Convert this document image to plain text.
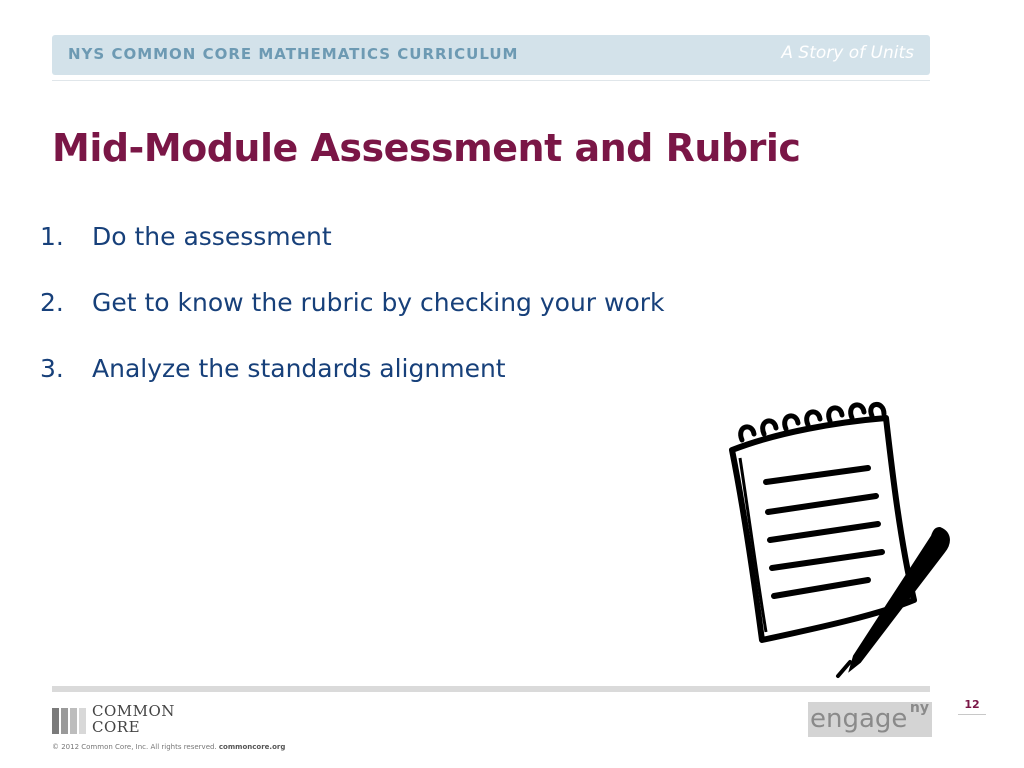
NYS COMMON CORE MATHEMATICS CURRICULUM	A Story of Units
Mid-Module Assessment and Rubric
1.	Do the assessment
2.	Get to know the rubric by checking your work
3.	Analyze the standards alignment
COMMON
CORE
© 2012 Common Core, Inc. All rights reserved. commoncore.org
engage ny	12
